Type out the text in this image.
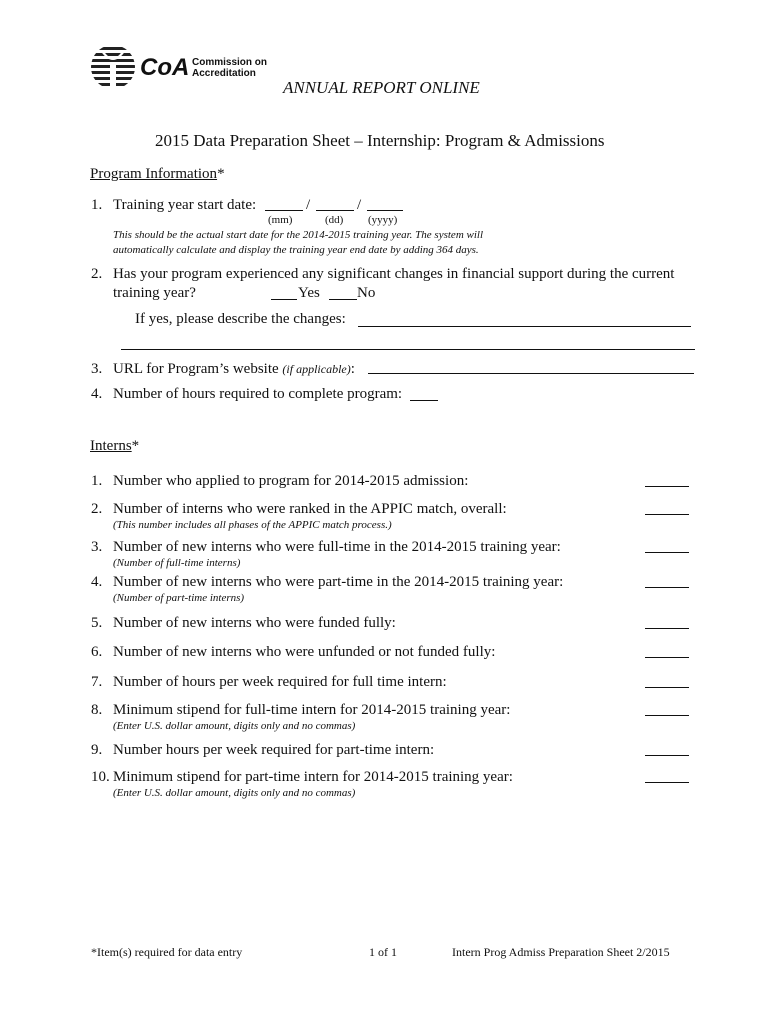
CoA Commission on
Accreditation
ANNUAL REPORT ONLINE
2015 Data Preparation Sheet – Internship: Program & Admissions
Program Information*
1. Training year start date:	/	/
(mm)	(dd) (yyyy)
This should be the actual start date for the 2014-2015 training year. The system will
automatically calculate and display the training year end date by adding 364 days.
2. Has your program experienced any significant changes in financial support during the current
training year?	Yes No
If yes, please describe the changes:
3. URL for Program’s website (if applicable):
4. Number of hours required to complete program:
Interns*
1. Number who applied to program for 2014-2015 admission:
2. Number of interns who were ranked in the APPIC match, overall:
(This number includes all phases of the APPIC match process.)
3. Number of new interns who were full-time in the 2014-2015 training year:
(Number of full-time interns)
4. Number of new interns who were part-time in the 2014-2015 training year:
(Number of part-time interns)
5. Number of new interns who were funded fully:
6. Number of new interns who were unfunded or not funded fully:
7. Number of hours per week required for full time intern:
8. Minimum stipend for full-time intern for 2014-2015 training year:
(Enter U.S. dollar amount, digits only and no commas)
9. Number hours per week required for part-time intern:
10. Minimum stipend for part-time intern for 2014-2015 training year:
(Enter U.S. dollar amount, digits only and no commas)
*Item(s) required for data entry	1 of 1	Intern Prog Admiss Preparation Sheet 2/2015
